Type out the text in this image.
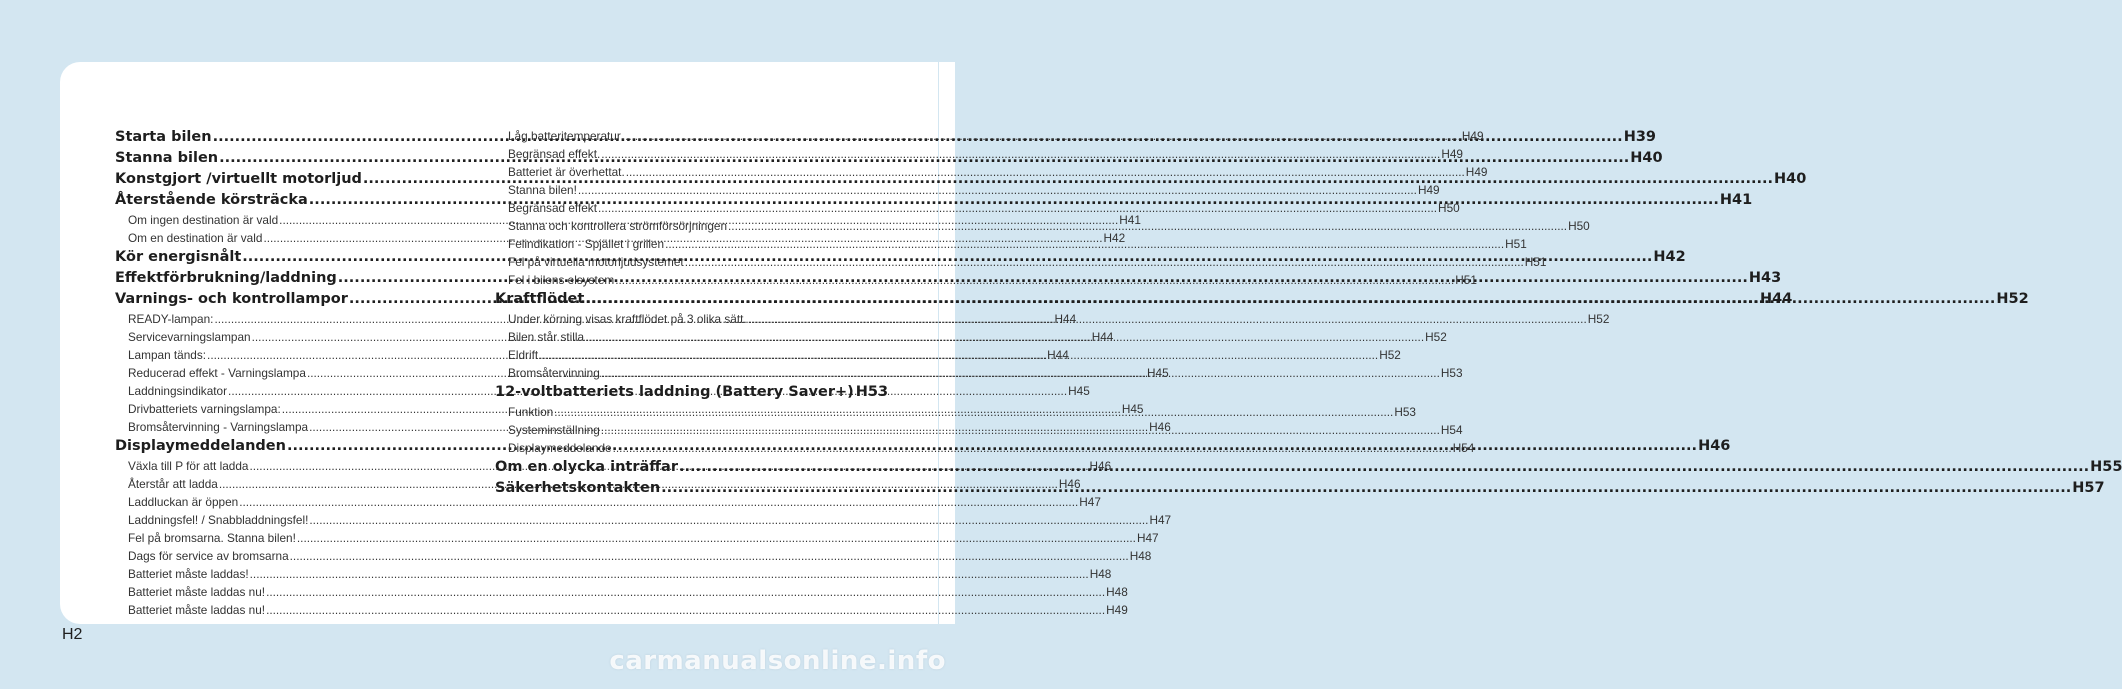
Starta bilen .....	H39
Stanna bilen .....	H40
Konstgjort /virtuellt motorljud .....	H40
Återstående körsträcka .....	H41
Om ingen destination är vald .....	H41
Om en destination är vald .....	H42
Kör energisnålt .....	H42
Effektförbrukning/laddning .....	H43
Varnings- och kontrollampor .....	H44
READY-lampan: .....	H44
Servicevarningslampan .....	H44
Lampan tänds: .....	H44
Reducerad effekt - Varningslampa .....	H45
Laddningsindikator .....	H45
Drivbatteriets varningslampa: .....	H45
Bromsåtervinning - Varningslampa .....	H46
Displaymeddelanden .....	H46
Växla till P för att ladda .....	H46
Återstår att ladda .....	H46
Laddluckan är öppen .....	H47
Laddningsfel! / Snabbladdningsfel! .....	H47
Fel på bromsarna. Stanna bilen! .....	H47
Dags för service av bromsarna .....	H48
Batteriet måste laddas! .....	H48
Batteriet måste laddas nu! .....	H48
Batteriet måste laddas nu! .....	H49
Låg batteritemperatur .....	H49
Begränsad effekt. .....	H49
Batteriet är överhettat. .....	H49
Stanna bilen! .....	H49
Begränsad effekt .....	H50
Stanna och kontrollera strömförsörjningen .....	H50
Felindikation - Spjället i grillen .....	H51
Fel på virtuella motorljudsystemet .....	H51
Fel i bilens elsystem .....	H51
Kraftflödet .....	H52
Under körning visas kraftflödet på 3 olika sätt. .....	H52
Bilen står stilla .....	H52
Eldrift .....	H52
Bromsåtervinning .....	H53
12-voltbatteriets laddning (Battery Saver+) H53
Funktion .....	H53
Systeminställning .....	H54
Displaymeddelande .....	H54
Om en olycka inträffar .....	H55
Säkerhetskontakten .....	H57
H2
carmanualsonline.info
